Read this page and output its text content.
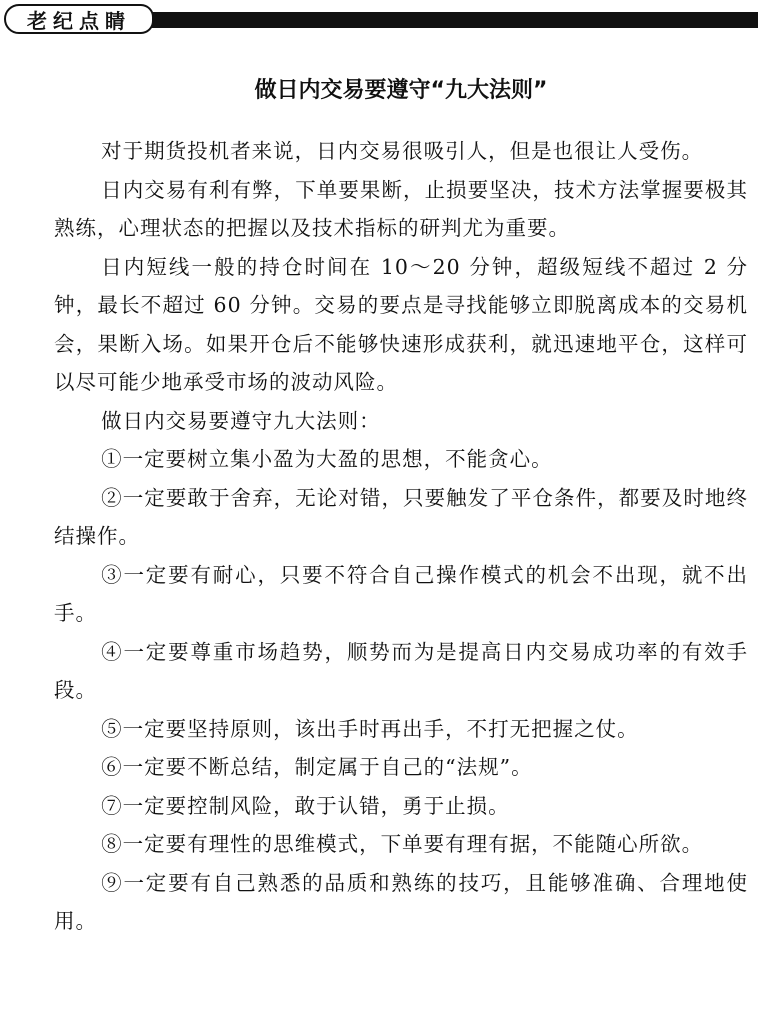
老纪点睛
做日内交易要遵守“九大法则”

对于期货投机者来说，日内交易很吸引人，但是也很让人受伤。

日内交易有利有弊，下单要果断，止损要坚决，技术方法掌握要极其熟练，心理状态的把握以及技术指标的研判尤为重要。

日内短线一般的持仓时间在 10～20 分钟，超级短线不超过 2 分钟，最长不超过 60 分钟。交易的要点是寻找能够立即脱离成本的交易机会，果断入场。如果开仓后不能够快速形成获利，就迅速地平仓，这样可以尽可能少地承受市场的波动风险。

做日内交易要遵守九大法则：

①一定要树立集小盈为大盈的思想，不能贪心。

②一定要敢于舍弃，无论对错，只要触发了平仓条件，都要及时地终结操作。

③一定要有耐心，只要不符合自己操作模式的机会不出现，就不出手。

④一定要尊重市场趋势，顺势而为是提高日内交易成功率的有效手段。

⑤一定要坚持原则，该出手时再出手，不打无把握之仗。

⑥一定要不断总结，制定属于自己的“法规”。

⑦一定要控制风险，敢于认错，勇于止损。

⑧一定要有理性的思维模式，下单要有理有据，不能随心所欲。

⑨一定要有自己熟悉的品质和熟练的技巧，且能够准确、合理地使用。
